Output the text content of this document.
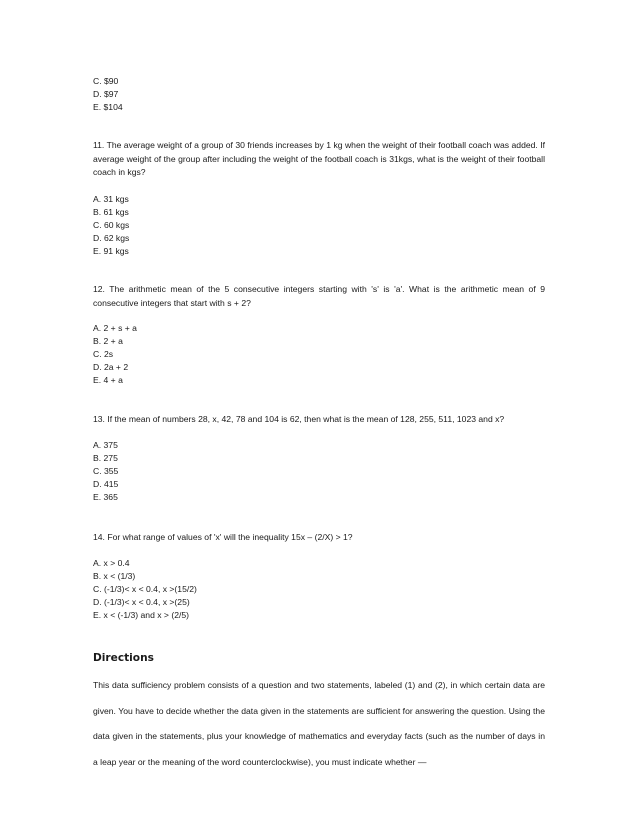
C. $90
D. $97
E. $104
11. The average weight of a group of 30 friends increases by 1 kg when the weight of their football coach was added. If average weight of the group after including the weight of the football coach is 31kgs, what is the weight of their football coach in kgs?
A. 31 kgs
B. 61 kgs
C. 60 kgs
D. 62 kgs
E. 91 kgs
12. The arithmetic mean of the 5 consecutive integers starting with 's' is 'a'. What is the arithmetic mean of 9 consecutive integers that start with s + 2?
A. 2 + s + a
B. 2 + a
C. 2s
D. 2a + 2
E. 4 + a
13. If the mean of numbers 28, x, 42, 78 and 104 is 62, then what is the mean of 128, 255, 511, 1023 and x?
A. 375
B. 275
C. 355
D. 415
E. 365
14. For what range of values of 'x' will the inequality 15x – (2/X) > 1?
A. x > 0.4
B. x < (1/3)
C. (-1/3)< x < 0.4, x >(15/2)
D. (-1/3)< x < 0.4, x >(25)
E. x < (-1/3) and x > (2/5)
Directions
This data sufficiency problem consists of a question and two statements, labeled (1) and (2), in which certain data are given. You have to decide whether the data given in the statements are sufficient for answering the question. Using the data given in the statements, plus your knowledge of mathematics and everyday facts (such as the number of days in a leap year or the meaning of the word counterclockwise), you must indicate whether —
